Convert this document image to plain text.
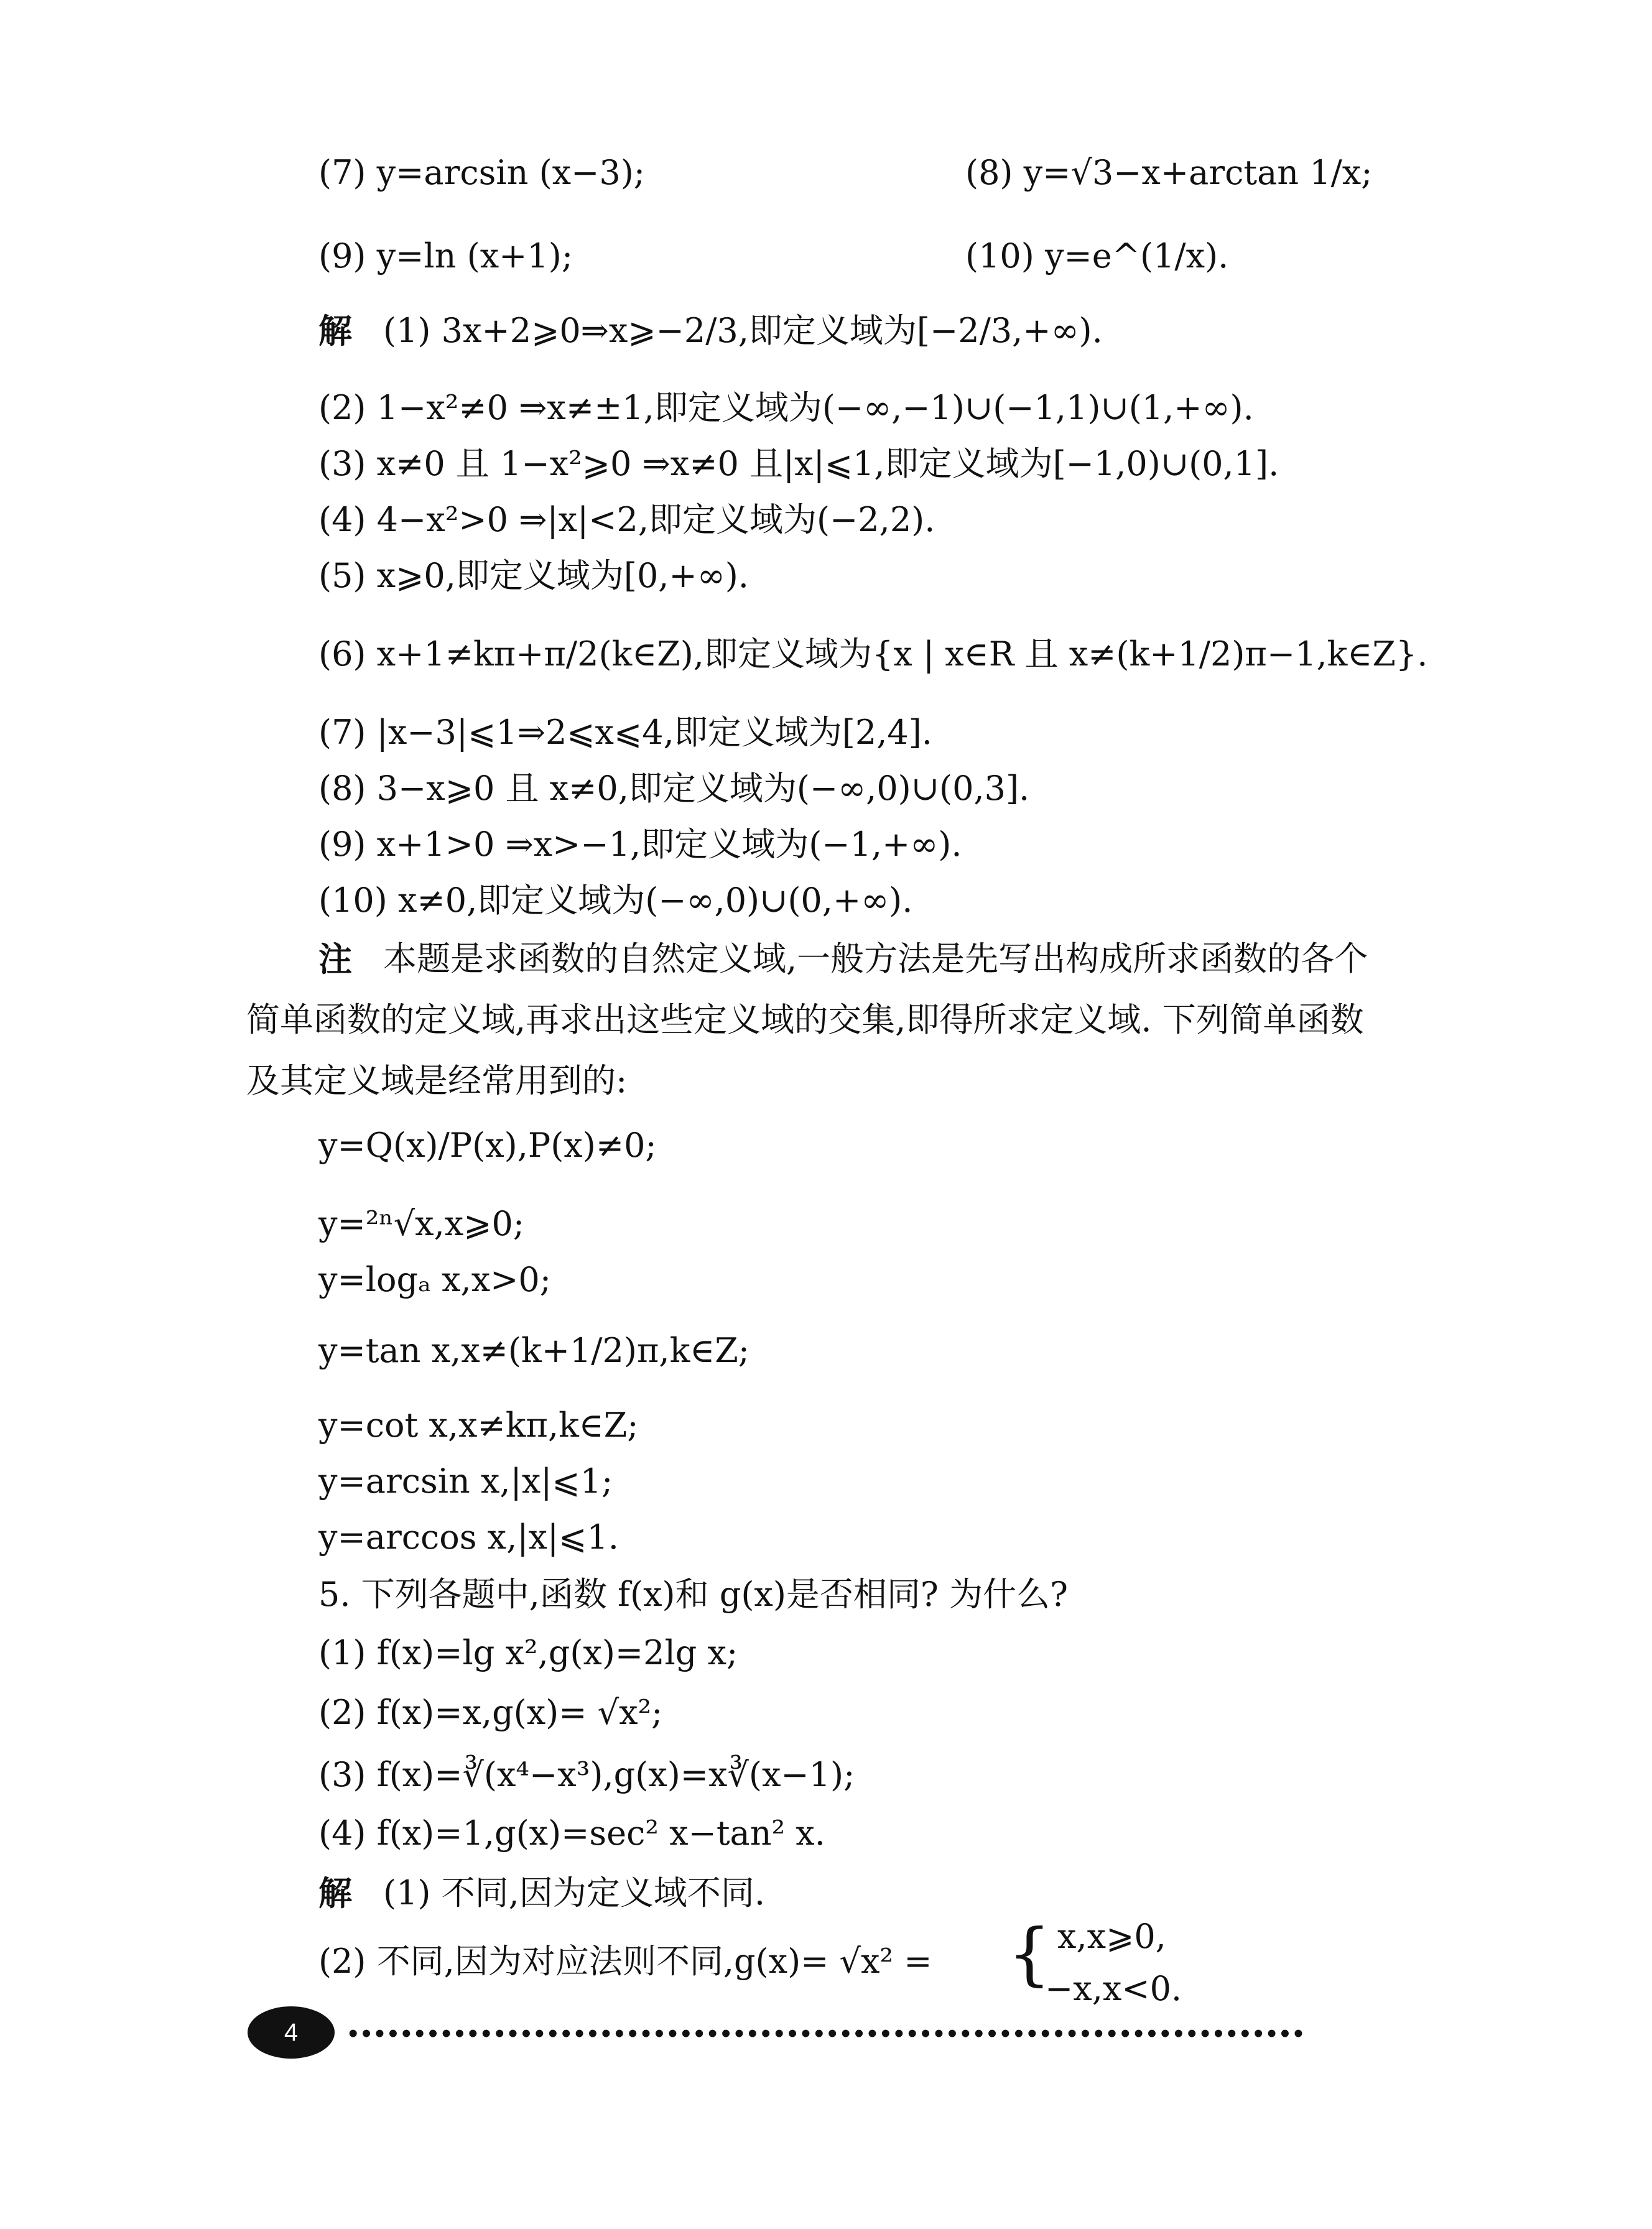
(7) y=arcsin (x−3);	(8) y=√3−x+arctan 1/x;
(9) y=ln (x+1);	(10) y=e^(1/x).
解 (1) 3x+2⩾0⇒x⩾−2/3,即定义域为[−2/3,+∞).
(2) 1−x²≠0 ⇒x≠±1,即定义域为(−∞,−1)∪(−1,1)∪(1,+∞).
(3) x≠0 且 1−x²⩾0 ⇒x≠0 且|x|⩽1,即定义域为[−1,0)∪(0,1].
(4) 4−x²>0 ⇒|x|<2,即定义域为(−2,2).
(5) x⩾0,即定义域为[0,+∞).
(6) x+1≠kπ+π/2(k∈Z),即定义域为{x | x∈R 且 x≠(k+1/2)π−1,k∈Z}.
(7) |x−3|⩽1⇒2⩽x⩽4,即定义域为[2,4].
(8) 3−x⩾0 且 x≠0,即定义域为(−∞,0)∪(0,3].
(9) x+1>0 ⇒x>−1,即定义域为(−1,+∞).
(10) x≠0,即定义域为(−∞,0)∪(0,+∞).
注 本题是求函数的自然定义域,一般方法是先写出构成所求函数的各个
简单函数的定义域,再求出这些定义域的交集,即得所求定义域. 下列简单函数
及其定义域是经常用到的:
y=Q(x)/P(x),P(x)≠0;
y=²ⁿ√x,x⩾0;
y=logₐ x,x>0;
y=tan x,x≠(k+1/2)π,k∈Z;
y=cot x,x≠kπ,k∈Z;
y=arcsin x,|x|⩽1;
y=arccos x,|x|⩽1.
5. 下列各题中,函数 f(x)和 g(x)是否相同? 为什么?
(1) f(x)=lg x²,g(x)=2lg x;
(2) f(x)=x,g(x)= √x²;
(3) f(x)=∛(x⁴−x³),g(x)=x∛(x−1);
(4) f(x)=1,g(x)=sec² x−tan² x.
解 (1) 不同,因为定义域不同.
(2) 不同,因为对应法则不同,g(x)= √x² = { x,x⩾0,
−x,x<0.
4	••••••••••••••••••••••••••••••••••••••••••••••••••••••••••••••••••••••••
